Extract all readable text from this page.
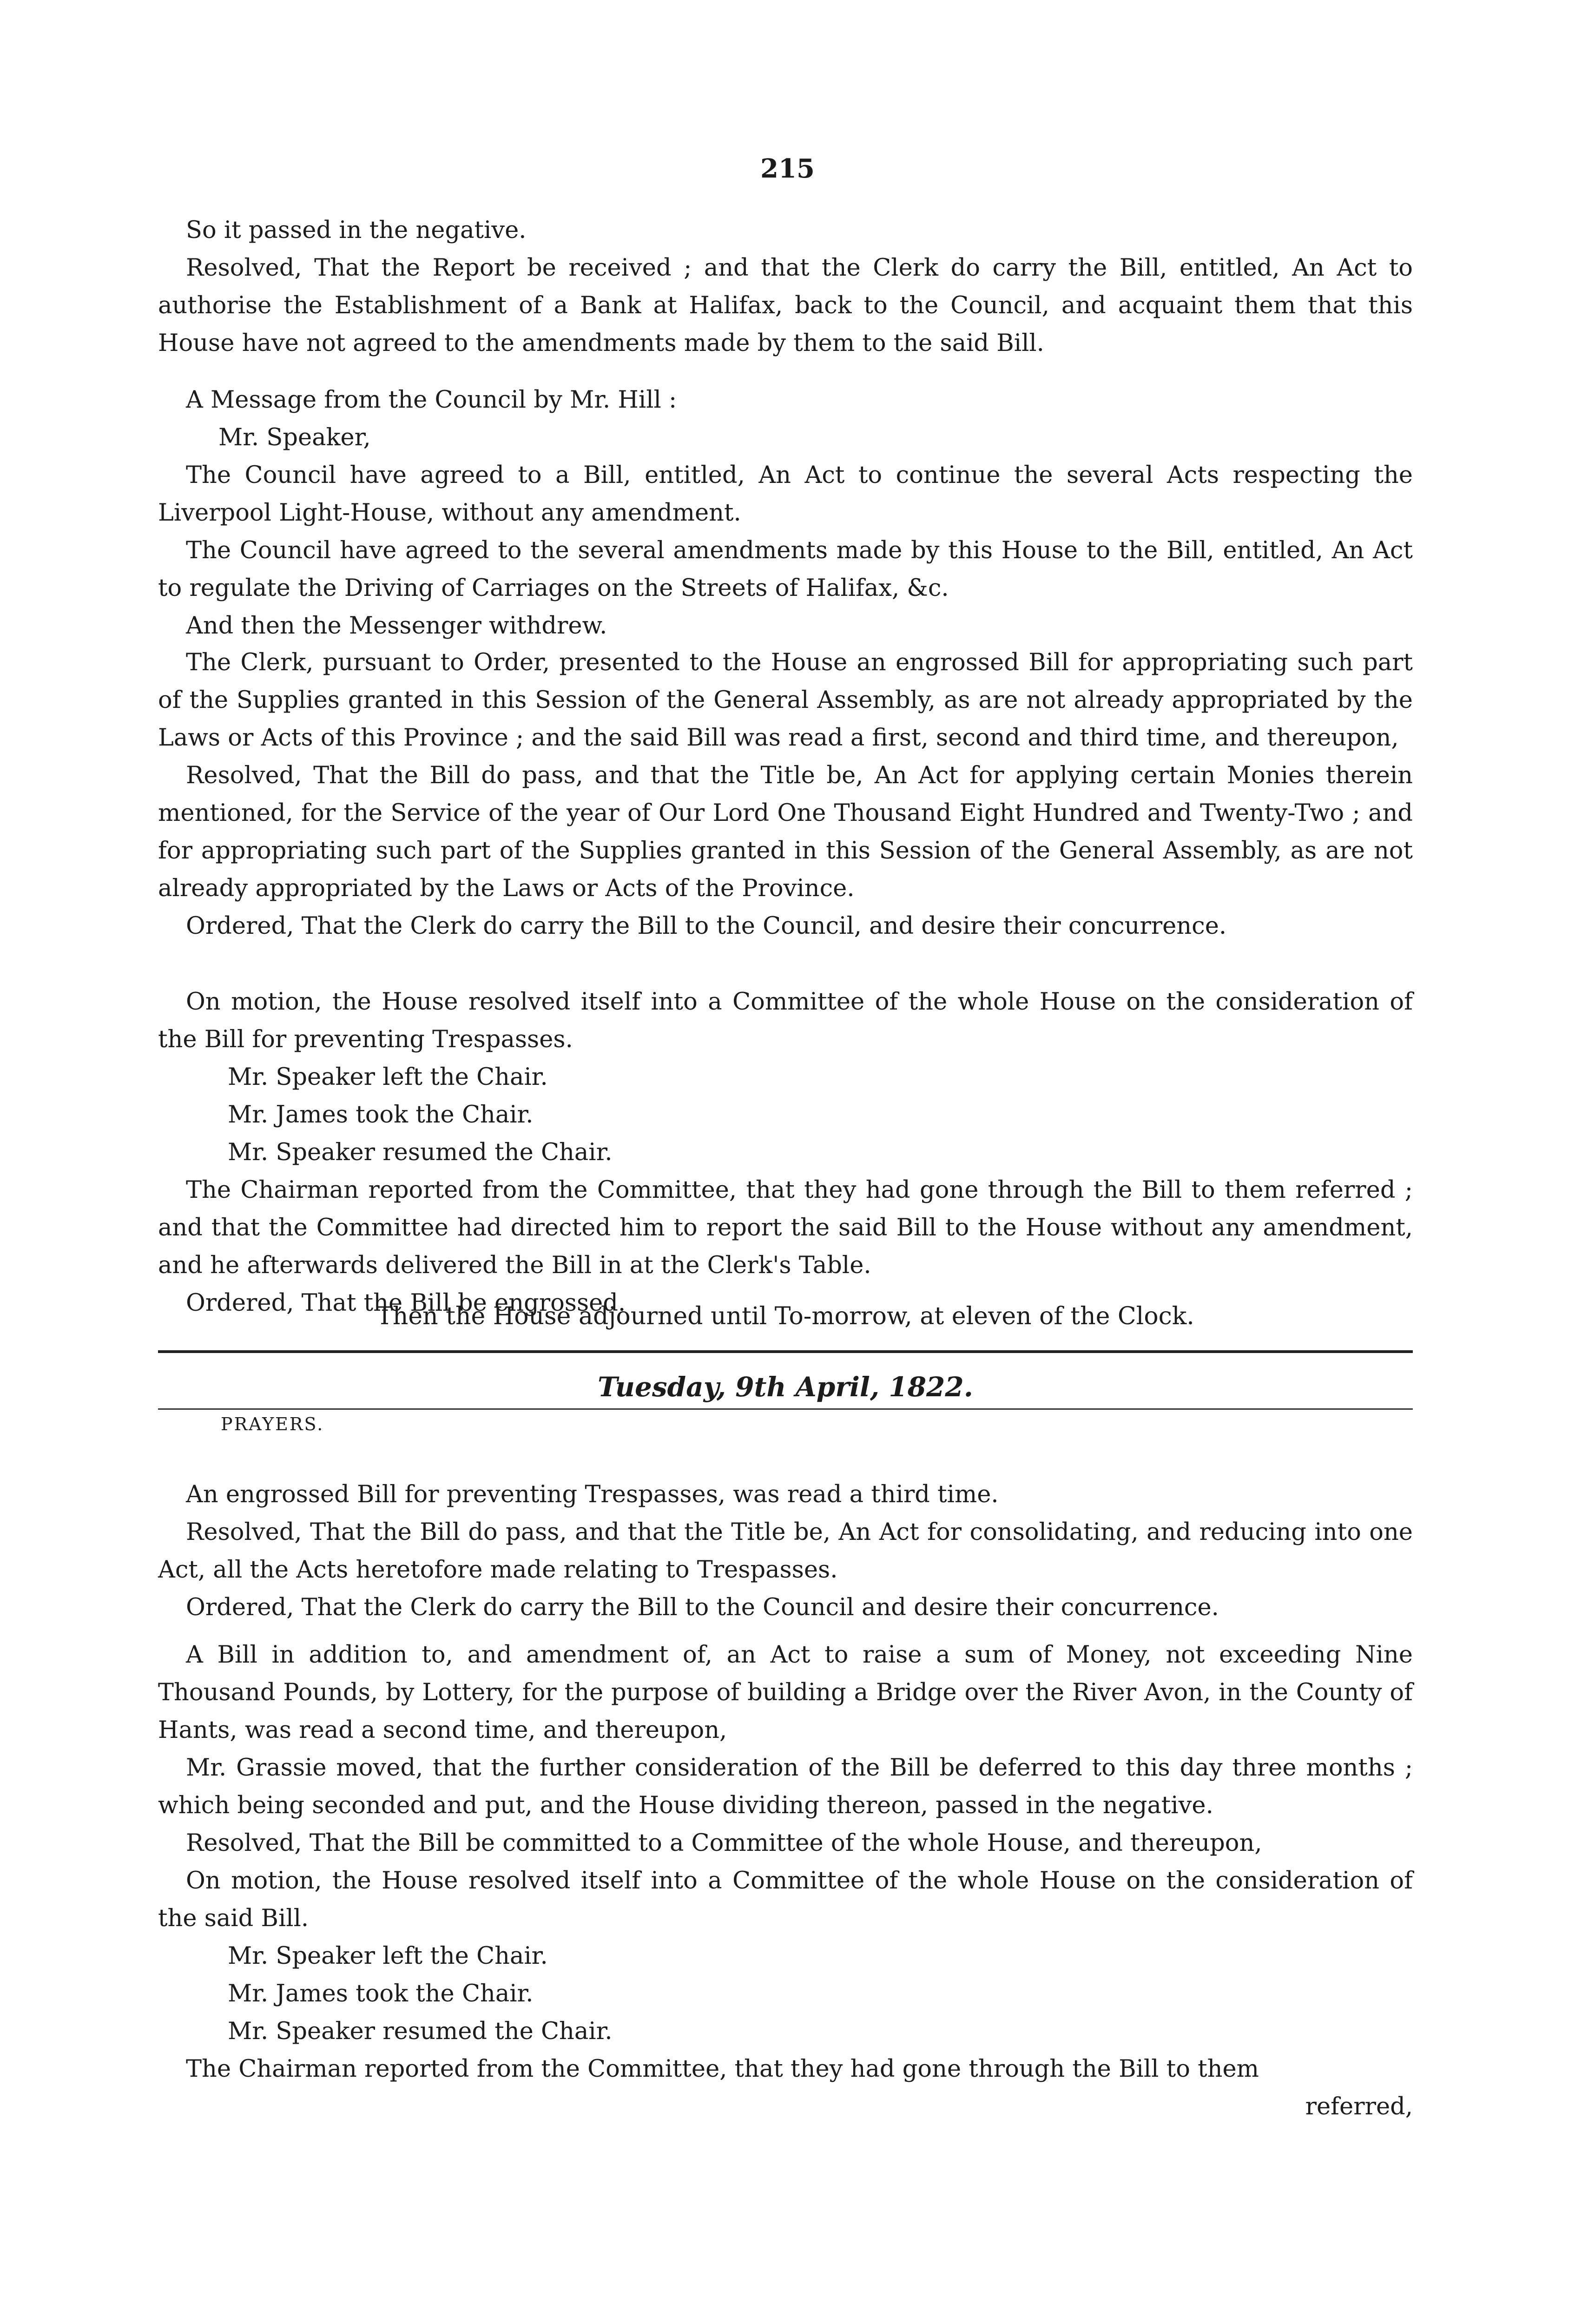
215

So it passed in the negative.

Resolved, That the Report be received ; and that the Clerk do carry the Bill, entitled, An Act to authorise the Establishment of a Bank at Halifax, back to the Council, and acquaint them that this House have not agreed to the amendments made by them to the said Bill.

A Message from the Council by Mr. Hill :

Mr. Speaker,

The Council have agreed to a Bill, entitled, An Act to continue the several Acts respecting the Liverpool Light-House, without any amendment.

The Council have agreed to the several amendments made by this House to the Bill, entitled, An Act to regulate the Driving of Carriages on the Streets of Halifax, &c.

And then the Messenger withdrew.

The Clerk, pursuant to Order, presented to the House an engrossed Bill for appropriating such part of the Supplies granted in this Session of the General Assembly, as are not already appropriated by the Laws or Acts of this Province ; and the said Bill was read a first, second and third time, and thereupon,

Resolved, That the Bill do pass, and that the Title be, An Act for applying certain Monies therein mentioned, for the Service of the year of Our Lord One Thousand Eight Hundred and Twenty-Two ; and for appropriating such part of the Supplies granted in this Session of the General Assembly, as are not already appropriated by the Laws or Acts of the Province.

Ordered, That the Clerk do carry the Bill to the Council, and desire their concurrence.

On motion, the House resolved itself into a Committee of the whole House on the consideration of the Bill for preventing Trespasses.

Mr. Speaker left the Chair.

Mr. James took the Chair.

Mr. Speaker resumed the Chair.

The Chairman reported from the Committee, that they had gone through the Bill to them referred ; and that the Committee had directed him to report the said Bill to the House without any amendment, and he afterwards delivered the Bill in at the Clerk's Table.

Ordered, That the Bill be engrossed.

Then the House adjourned until To-morrow, at eleven of the Clock.
Tuesday, 9th April, 1822.
PRAYERS.

An engrossed Bill for preventing Trespasses, was read a third time.

Resolved, That the Bill do pass, and that the Title be, An Act for consolidating, and reducing into one Act, all the Acts heretofore made relating to Trespasses.

Ordered, That the Clerk do carry the Bill to the Council and desire their concurrence.

A Bill in addition to, and amendment of, an Act to raise a sum of Money, not exceeding Nine Thousand Pounds, by Lottery, for the purpose of building a Bridge over the River Avon, in the County of Hants, was read a second time, and thereupon,

Mr. Grassie moved, that the further consideration of the Bill be deferred to this day three months ; which being seconded and put, and the House dividing thereon, passed in the negative.

Resolved, That the Bill be committed to a Committee of the whole House, and thereupon,

On motion, the House resolved itself into a Committee of the whole House on the consideration of the said Bill.

Mr. Speaker left the Chair.

Mr. James took the Chair.

Mr. Speaker resumed the Chair.

The Chairman reported from the Committee, that they had gone through the Bill to them

referred,
